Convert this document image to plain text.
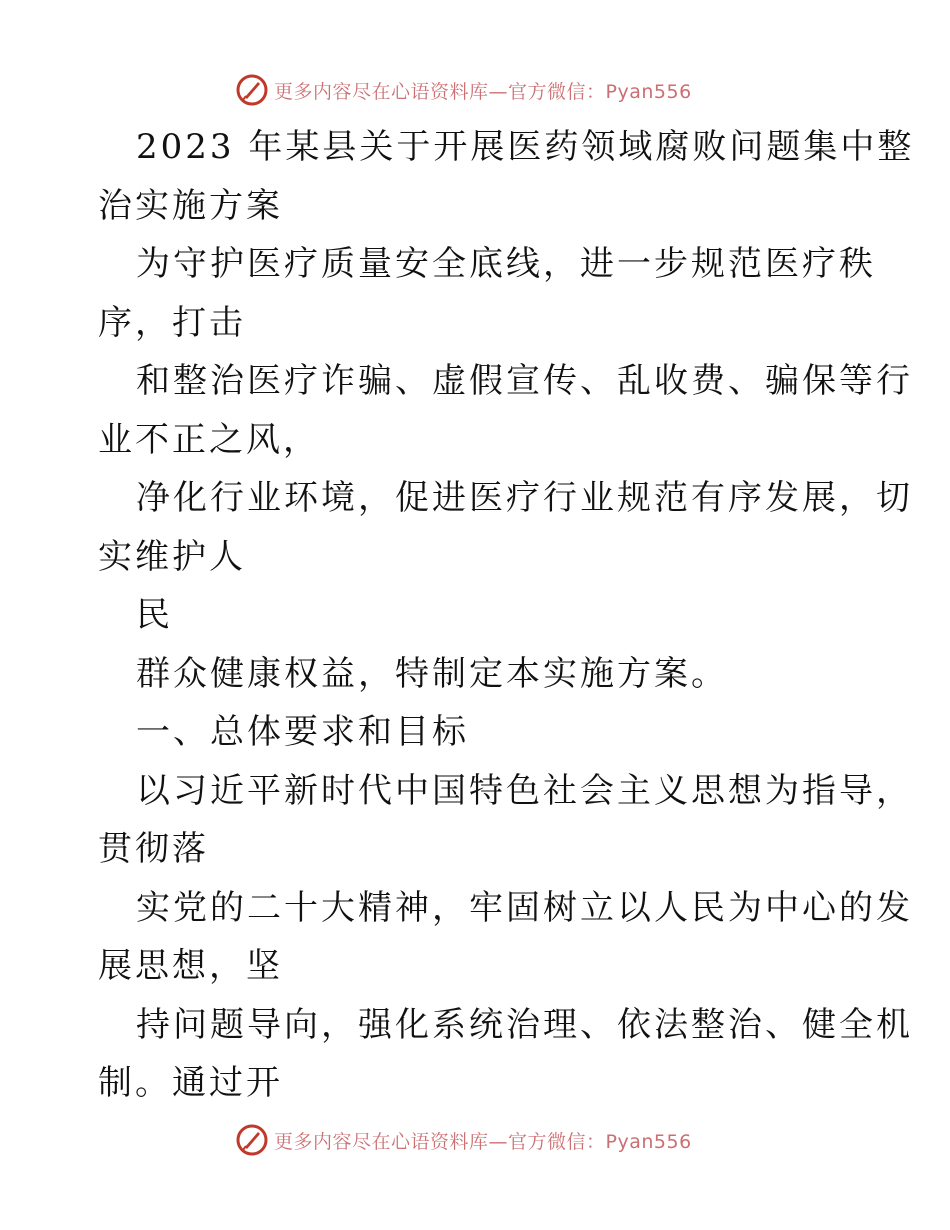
更多内容尽在心语资料库—官方微信：Pyan556
2023 年某县关于开展医药领域腐败问题集中整
治实施方案
为守护医疗质量安全底线，进一步规范医疗秩
序，打击
和整治医疗诈骗、虚假宣传、乱收费、骗保等行
业不正之风，
净化行业环境，促进医疗行业规范有序发展，切
实维护人
民
群众健康权益，特制定本实施方案。
一、总体要求和目标
以习近平新时代中国特色社会主义思想为指导，
贯彻落
实党的二十大精神，牢固树立以人民为中心的发
展思想，坚
持问题导向，强化系统治理、依法整治、健全机
制。通过开
更多内容尽在心语资料库—官方微信：Pyan556
